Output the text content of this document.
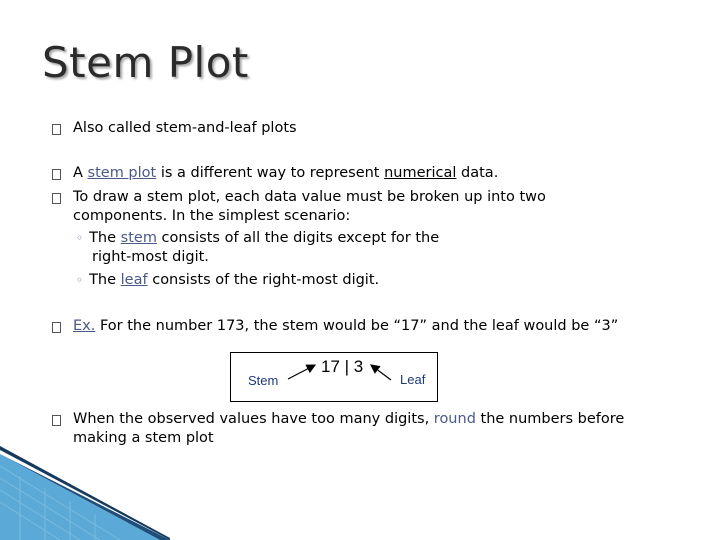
Stem Plot
Also called stem-and-leaf plots
A stem plot is a different way to represent numerical data.
To draw a stem plot, each data value must be broken up into two
components. In the simplest scenario:
◦ The stem consists of all the digits except for the
right-most digit.
◦ The leaf consists of the right-most digit.
Ex. For the number 173, the stem would be “17” and the leaf would be “3”
17 | 3
Stem	Leaf
When the observed values have too many digits, round the numbers before
making a stem plot
